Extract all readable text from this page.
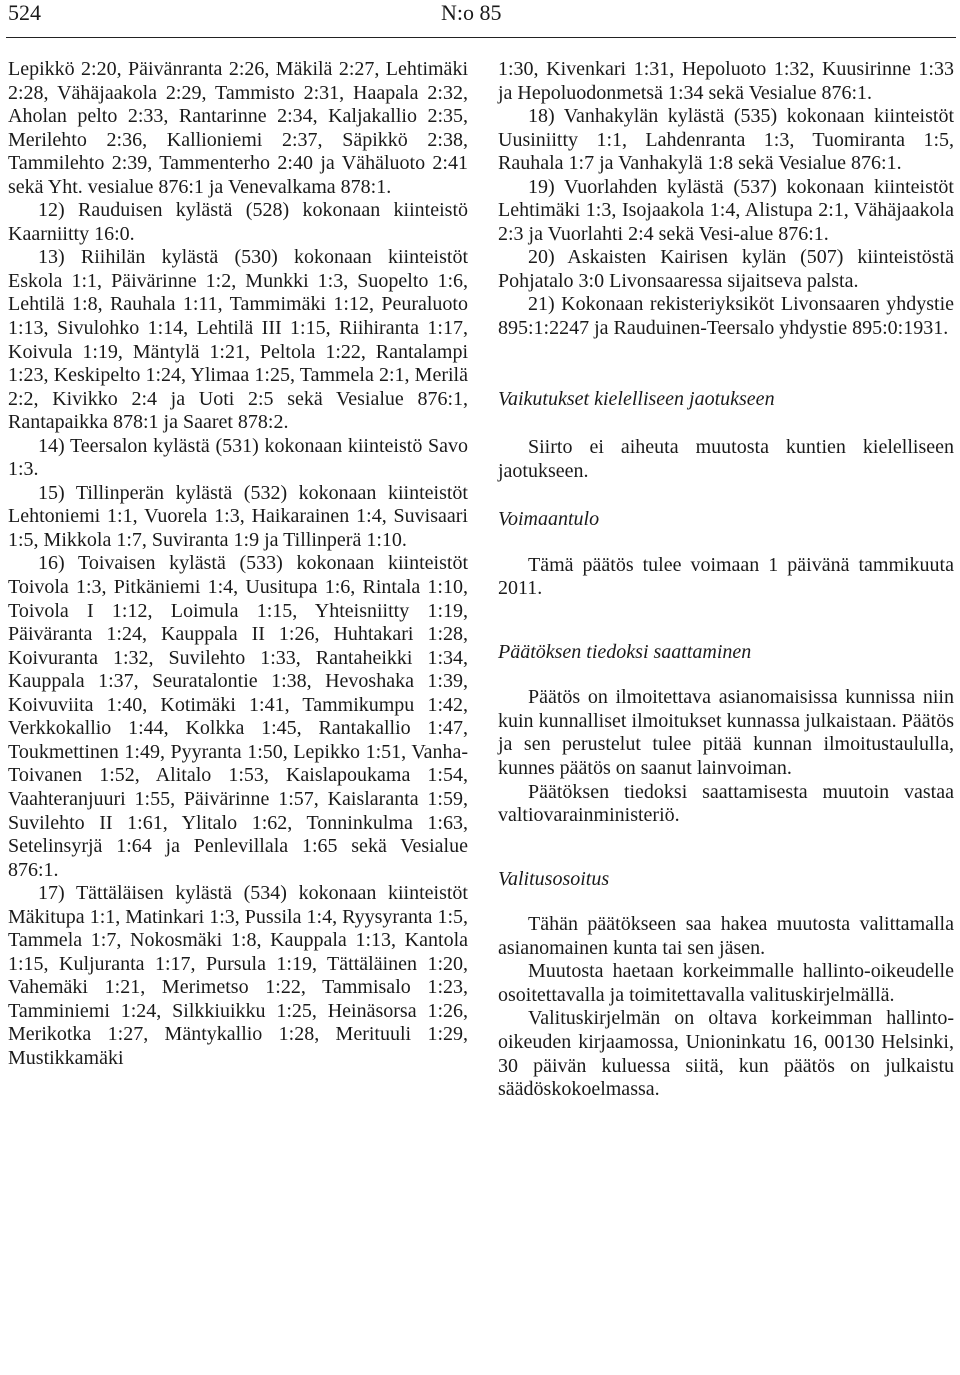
524	N:o 85

Lepikkö 2:20, Päivänranta 2:26, Mäkilä 2:27, Lehtimäki 2:28, Vähäjaakola 2:29, Tammisto 2:31, Haapala 2:32, Aholan pelto 2:33, Rantarinne 2:34, Kaljakallio 2:35, Merilehto 2:36, Kallioniemi 2:37, Säpikkö 2:38, Tammilehto 2:39, Tammenterho 2:40 ja Vähäluoto 2:41 sekä Yht. vesialue 876:1 ja Venevalkama 878:1.

12) Rauduisen kylästä (528) kokonaan kiinteistö Kaarniitty 16:0.

13) Riihilän kylästä (530) kokonaan kiinteistöt Eskola 1:1, Päivärinne 1:2, Munkki 1:3, Suopelto 1:6, Lehtilä 1:8, Rauhala 1:11, Tammimäki 1:12, Peuraluoto 1:13, Sivulohko 1:14, Lehtilä III 1:15, Riihiranta 1:17, Koivula 1:19, Mäntylä 1:21, Peltola 1:22, Rantalampi 1:23, Keskipelto 1:24, Ylimaa 1:25, Tammela 2:1, Merilä 2:2, Kivikko 2:4 ja Uoti 2:5 sekä Vesialue 876:1, Rantapaikka 878:1 ja Saaret 878:2.

14) Teersalon kylästä (531) kokonaan kiinteistö Savo 1:3.

15) Tillinperän kylästä (532) kokonaan kiinteistöt Lehtoniemi 1:1, Vuorela 1:3, Haikarainen 1:4, Suvisaari 1:5, Mikkola 1:7, Suviranta 1:9 ja Tillinperä 1:10.

16) Toivaisen kylästä (533) kokonaan kiinteistöt Toivola 1:3, Pitkäniemi 1:4, Uusitupa 1:6, Rintala 1:10, Toivola I 1:12, Loimula 1:15, Yhteisniitty 1:19, Päiväranta 1:24, Kauppala II 1:26, Huhtakari 1:28, Koivuranta 1:32, Suvilehto 1:33, Rantaheikki 1:34, Kauppala 1:37, Seuratalontie 1:38, Hevoshaka 1:39, Koivuviita 1:40, Kotimäki 1:41, Tammikumpu 1:42, Verkkokallio 1:44, Kolkka 1:45, Rantakallio 1:47, Toukmettinen 1:49, Pyyranta 1:50, Lepikko 1:51, Vanha-Toivanen 1:52, Alitalo 1:53, Kaislapoukama 1:54, Vaahteranjuuri 1:55, Päivärinne 1:57, Kaislaranta 1:59, Suvilehto II 1:61, Ylitalo 1:62, Tonninkulma 1:63, Setelinsyrjä 1:64 ja Penlevillala 1:65 sekä Vesialue 876:1.

17) Tättäläisen kylästä (534) kokonaan kiinteistöt Mäkitupa 1:1, Matinkari 1:3, Pussila 1:4, Ryysyranta 1:5, Tammela 1:7, Nokosmäki 1:8, Kauppala 1:13, Kantola 1:15, Kuljuranta 1:17, Pursula 1:19, Tättäläinen 1:20, Vahemäki 1:21, Merimetso 1:22, Tammisalo 1:23, Tamminiemi 1:24, Silkkiuikku 1:25, Heinäsorsa 1:26, Merikotka 1:27, Mäntykallio 1:28, Merituuli 1:29, Mustikkamäki

1:30, Kivenkari 1:31, Hepoluoto 1:32, Kuusirinne 1:33 ja Hepoluodonmetsä 1:34 sekä Vesialue 876:1.

18) Vanhakylän kylästä (535) kokonaan kiinteistöt Uusiniitty 1:1, Lahdenranta 1:3, Tuomiranta 1:5, Rauhala 1:7 ja Vanhakylä 1:8 sekä Vesialue 876:1.

19) Vuorlahden kylästä (537) kokonaan kiinteistöt Lehtimäki 1:3, Isojaakola 1:4, Alistupa 2:1, Vähäjaakola 2:3 ja Vuorlahti 2:4 sekä Vesi-alue 876:1.

20) Askaisten Kairisen kylän (507) kiinteistöstä Pohjatalo 3:0 Livonsaaressa sijaitseva palsta.

21) Kokonaan rekisteriyksiköt Livonsaaren yhdystie 895:1:2247 ja Rauduinen-Teersalo yhdystie 895:0:1931.

Vaikutukset kielelliseen jaotukseen

Siirto ei aiheuta muutosta kuntien kielelliseen jaotukseen.

Voimaantulo

Tämä päätös tulee voimaan 1 päivänä tammikuuta 2011.

Päätöksen tiedoksi saattaminen

Päätös on ilmoitettava asianomaisissa kunnissa niin kuin kunnalliset ilmoitukset kunnassa julkaistaan. Päätös ja sen perustelut tulee pitää kunnan ilmoitustaululla, kunnes päätös on saanut lainvoiman.

Päätöksen tiedoksi saattamisesta muutoin vastaa valtiovarainministeriö.

Valitusosoitus

Tähän päätökseen saa hakea muutosta valittamalla asianomainen kunta tai sen jäsen.

Muutosta haetaan korkeimmalle hallinto-oikeudelle osoitettavalla ja toimitettavalla valituskirjelmällä.

Valituskirjelmän on oltava korkeimman hallinto-oikeuden kirjaamossa, Unioninkatu 16, 00130 Helsinki, 30 päivän kuluessa siitä, kun päätös on julkaistu säädöskokoelmassa.
